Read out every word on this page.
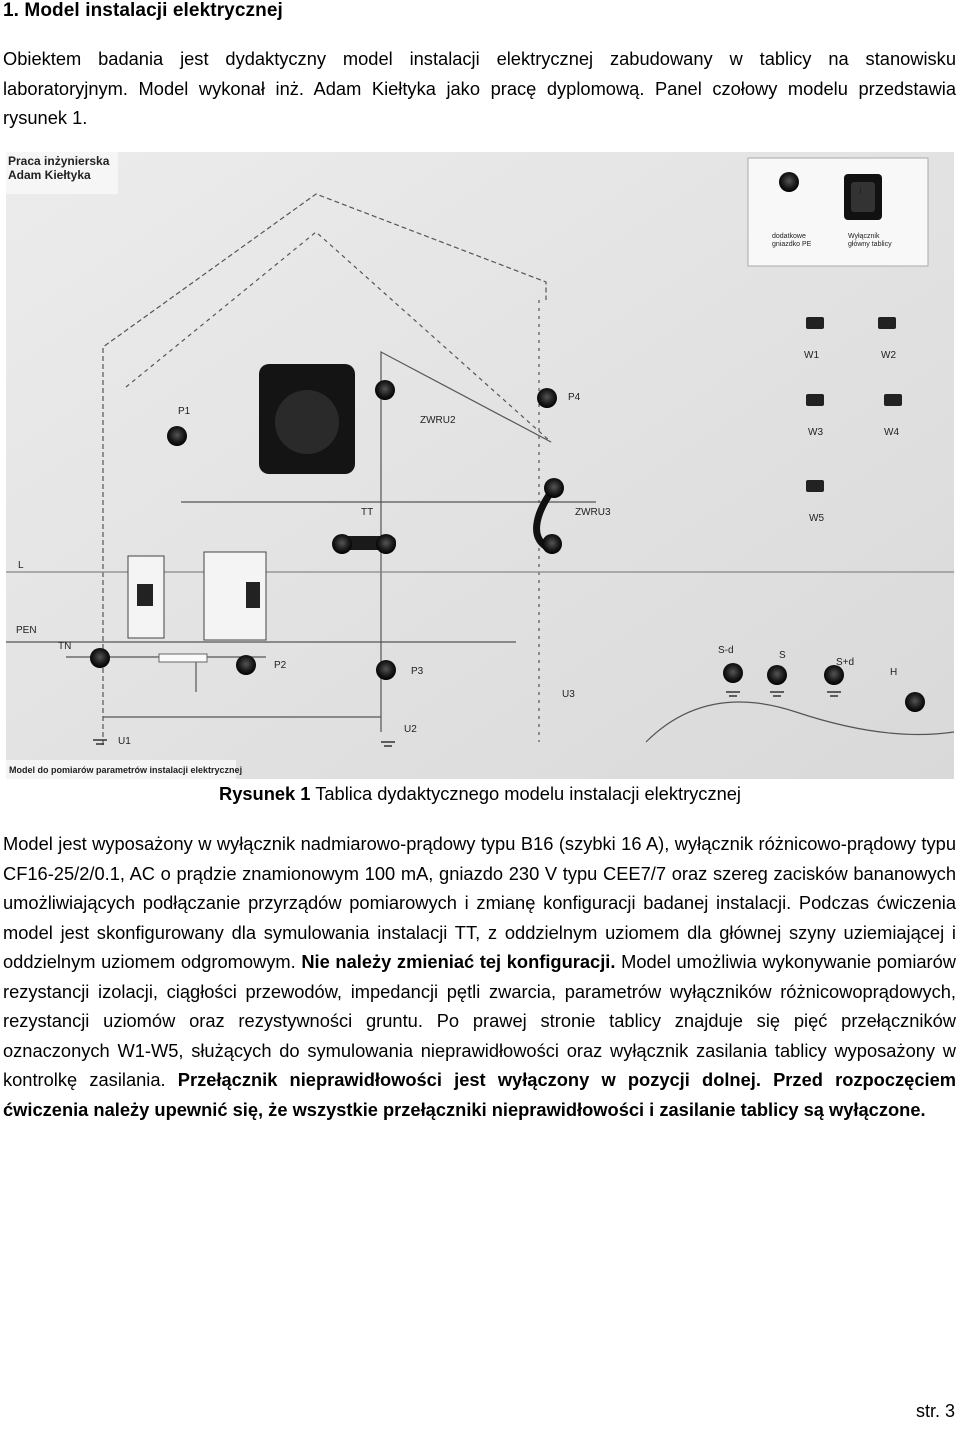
1. Model instalacji elektrycznej
Obiektem badania jest dydaktyczny model instalacji elektrycznej zabudowany w tablicy na stanowisku laboratoryjnym. Model wykonał inż. Adam Kiełtyka jako pracę dyplomową. Panel czołowy modelu przedstawia rysunek 1.
Praca inżynierska
Adam Kiełtyka
I
dodatkowe
gniazdko PE
Wyłącznik
główny tablicy
W1	W2
W3	W4
W5
P1
ZWRU2
P4
TT	ZWRU3
L
PEN
TN
P2
P3
U3
U2
U1
S-d	S
S+d
H
Model do pomiarów parametrów instalacji elektrycznej
Rysunek 1 Tablica dydaktycznego modelu instalacji elektrycznej
Model jest wyposażony w wyłącznik nadmiarowo-prądowy typu B16 (szybki 16 A), wyłącznik różnicowo-prądowy typu CF16-25/2/0.1, AC o prądzie znamionowym 100 mA, gniazdo 230 V typu CEE7/7 oraz szereg zacisków bananowych umożliwiających podłączanie przyrządów pomiarowych i zmianę konfiguracji badanej instalacji. Podczas ćwiczenia model jest skonfigurowany dla symulowania instalacji TT, z oddzielnym uziomem dla głównej szyny uziemiającej i oddzielnym uziomem odgromowym. Nie należy zmieniać tej konfiguracji. Model umożliwia wykonywanie pomiarów rezystancji izolacji, ciągłości przewodów, impedancji pętli zwarcia, parametrów wyłączników różnicowoprądowych, rezystancji uziomów oraz rezystywności gruntu. Po prawej stronie tablicy znajduje się pięć przełączników oznaczonych W1-W5, służących do symulowania nieprawidłowości oraz wyłącznik zasilania tablicy wyposażony w kontrolkę zasilania. Przełącznik nieprawidłowości jest wyłączony w pozycji dolnej. Przed rozpoczęciem ćwiczenia należy upewnić się, że wszystkie przełączniki nieprawidłowości i zasilanie tablicy są wyłączone.
str. 3
